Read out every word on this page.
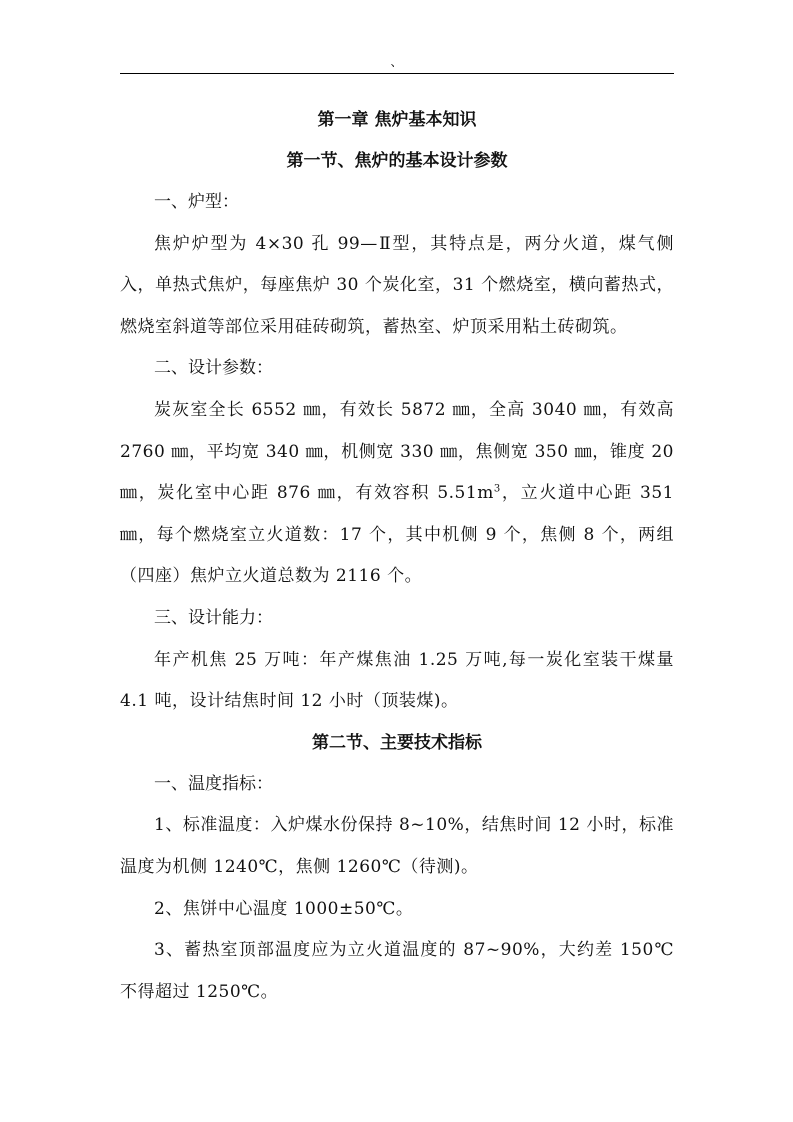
、
第一章 焦炉基本知识
第一节、焦炉的基本设计参数
一、炉型：
焦炉炉型为 4×30 孔 99—Ⅱ型，其特点是，两分火道，煤气侧入，单热式焦炉，每座焦炉 30 个炭化室，31 个燃烧室，横向蓄热式，燃烧室斜道等部位采用硅砖砌筑，蓄热室、炉顶采用粘土砖砌筑。
二、设计参数：
炭灰室全长 6552 ㎜，有效长 5872 ㎜，全高 3040 ㎜，有效高 2760 ㎜，平均宽 340 ㎜，机侧宽 330 ㎜，焦侧宽 350 ㎜，锥度 20 ㎜，炭化室中心距 876 ㎜，有效容积 $5.51m^3$，立火道中心距 351 ㎜，每个燃烧室立火道数：17 个，其中机侧 9 个，焦侧 8 个，两组（四座）焦炉立火道总数为 2116 个。
三、设计能力：
年产机焦 25 万吨：年产煤焦油 1.25 万吨,每一炭化室装干煤量 4.1 吨，设计结焦时间 12 小时（顶装煤)。
第二节、主要技术指标
一、温度指标：
1、标准温度：入炉煤水份保持 8~10%，结焦时间 12 小时，标准温度为机侧 1240℃，焦侧 1260℃（待测)。
2、焦饼中心温度 1000±50℃。
3、蓄热室顶部温度应为立火道温度的 87~90%，大约差 150℃不得超过 1250℃。
